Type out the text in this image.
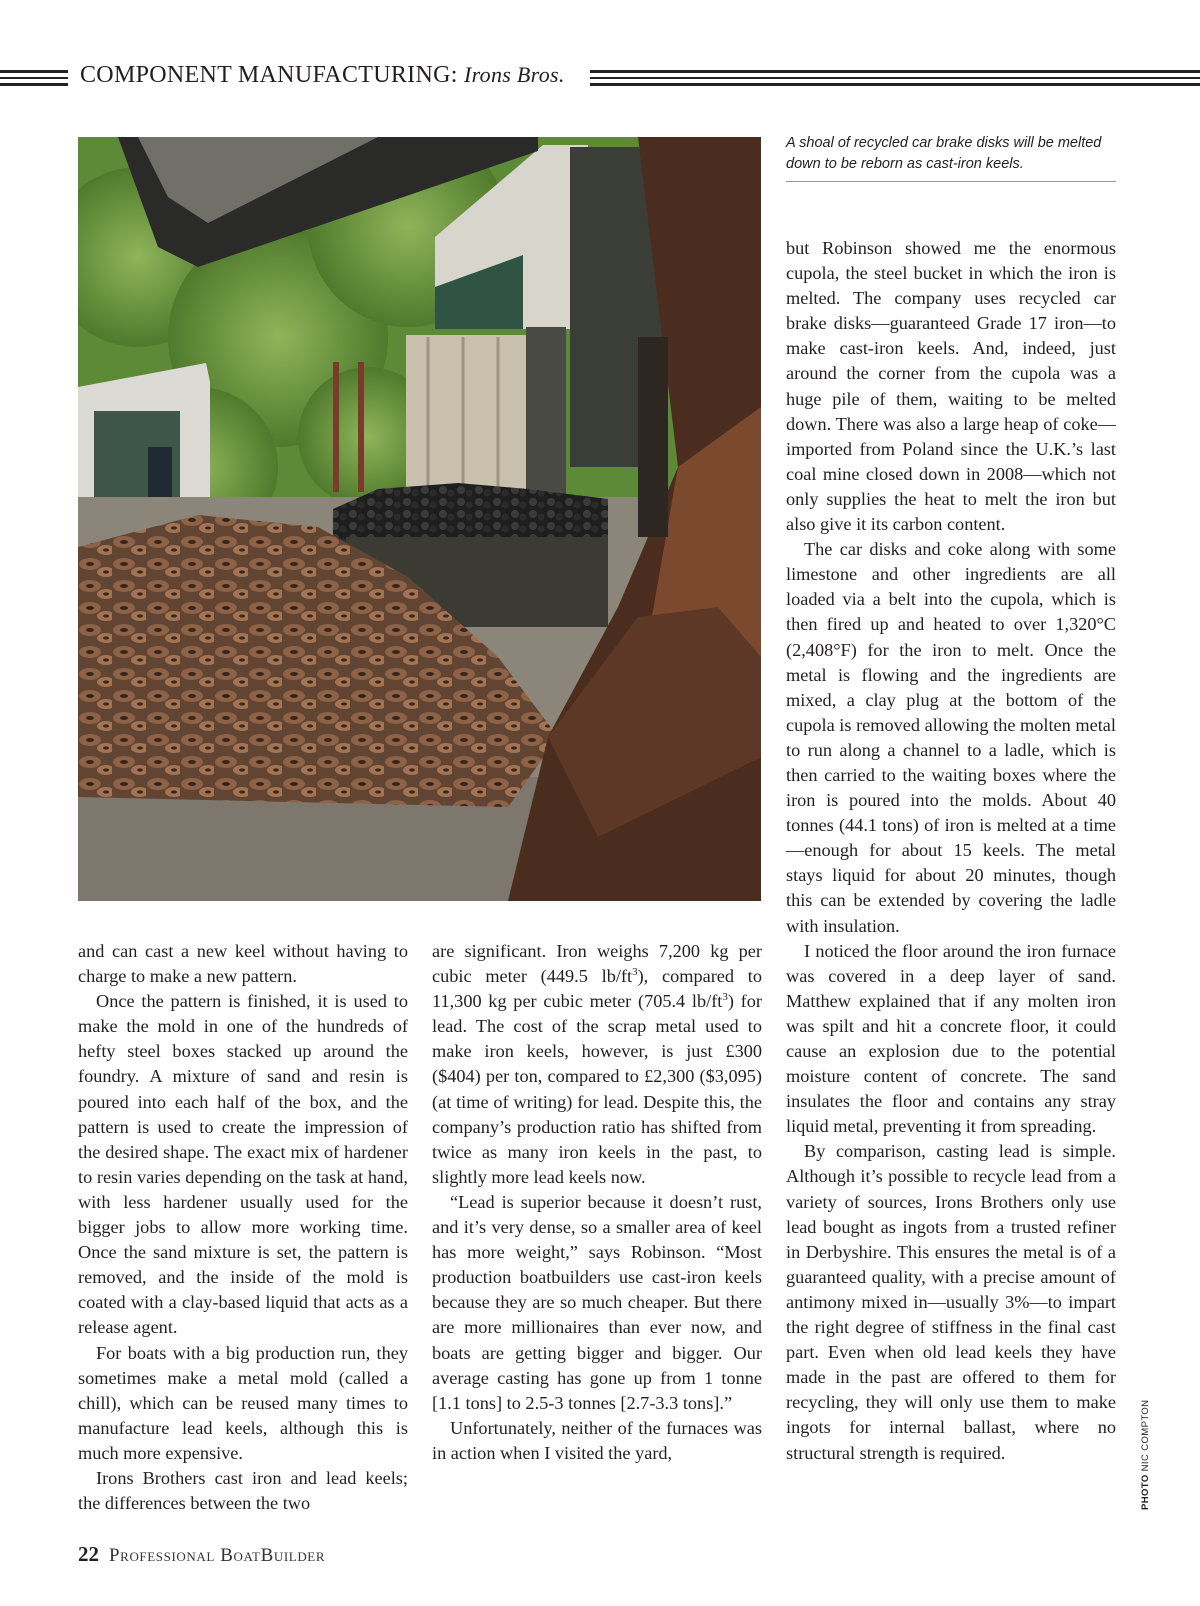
COMPONENT MANUFACTURING: Irons Bros.
A shoal of recycled car brake disks will be melted down to be reborn as cast-iron keels.

and can cast a new keel without having to charge to make a new pattern.

Once the pattern is finished, it is used to make the mold in one of the hundreds of hefty steel boxes stacked up around the foundry. A mixture of sand and resin is poured into each half of the box, and the pattern is used to create the impression of the desired shape. The exact mix of hardener to resin varies depending on the task at hand, with less hardener usually used for the bigger jobs to allow more working time. Once the sand mixture is set, the pattern is removed, and the inside of the mold is coated with a clay-based liquid that acts as a release agent.

For boats with a big production run, they sometimes make a metal mold (called a chill), which can be reused many times to manufacture lead keels, although this is much more expensive.

Irons Brothers cast iron and lead keels; the differences between the two

are significant. Iron weighs 7,200 kg per cubic meter (449.5 $lb/ft^3$), compared to 11,300 kg per cubic meter (705.4 $lb/ft^3$) for lead. The cost of the scrap metal used to make iron keels, however, is just £300 ($404) per ton, compared to £2,300 ($3,095) (at time of writing) for lead. Despite this, the company’s production ratio has shifted from twice as many iron keels in the past, to slightly more lead keels now.

“Lead is superior because it doesn’t rust, and it’s very dense, so a smaller area of keel has more weight,” says Robinson. “Most production boatbuilders use cast-iron keels because they are so much cheaper. But there are more millionaires than ever now, and boats are getting bigger and bigger. Our average casting has gone up from 1 tonne [1.1 tons] to 2.5-3 tonnes [2.7-3.3 tons].”

Unfortunately, neither of the furnaces was in action when I visited the yard,

but Robinson showed me the enormous cupola, the steel bucket in which the iron is melted. The company uses recycled car brake disks—guaranteed Grade 17 iron—to make cast-iron keels. And, indeed, just around the corner from the cupola was a huge pile of them, waiting to be melted down. There was also a large heap of coke—imported from Poland since the U.K.’s last coal mine closed down in 2008—which not only supplies the heat to melt the iron but also give it its carbon content.

The car disks and coke along with some limestone and other ingredients are all loaded via a belt into the cupola, which is then fired up and heated to over 1,320°C (2,408°F) for the iron to melt. Once the metal is flowing and the ingredients are mixed, a clay plug at the bottom of the cupola is removed allowing the molten metal to run along a channel to a ladle, which is then carried to the waiting boxes where the iron is poured into the molds. About 40 tonnes (44.1 tons) of iron is melted at a time—enough for about 15 keels. The metal stays liquid for about 20 minutes, though this can be extended by covering the ladle with insulation.

I noticed the floor around the iron furnace was covered in a deep layer of sand. Matthew explained that if any molten iron was spilt and hit a concrete floor, it could cause an explosion due to the potential moisture content of concrete. The sand insulates the floor and contains any stray liquid metal, preventing it from spreading.

By comparison, casting lead is simple. Although it’s possible to recycle lead from a variety of sources, Irons Brothers only use lead bought as ingots from a trusted refiner in Derbyshire. This ensures the metal is of a guaranteed quality, with a precise amount of antimony mixed in—usually 3%—to impart the right degree of stiffness in the final cast part. Even when old lead keels they have made in the past are offered to them for recycling, they will only use them to make ingots for internal ballast, where no structural strength is required.

PHOTO NIC COMPTON
22 Professional BoatBuilder
